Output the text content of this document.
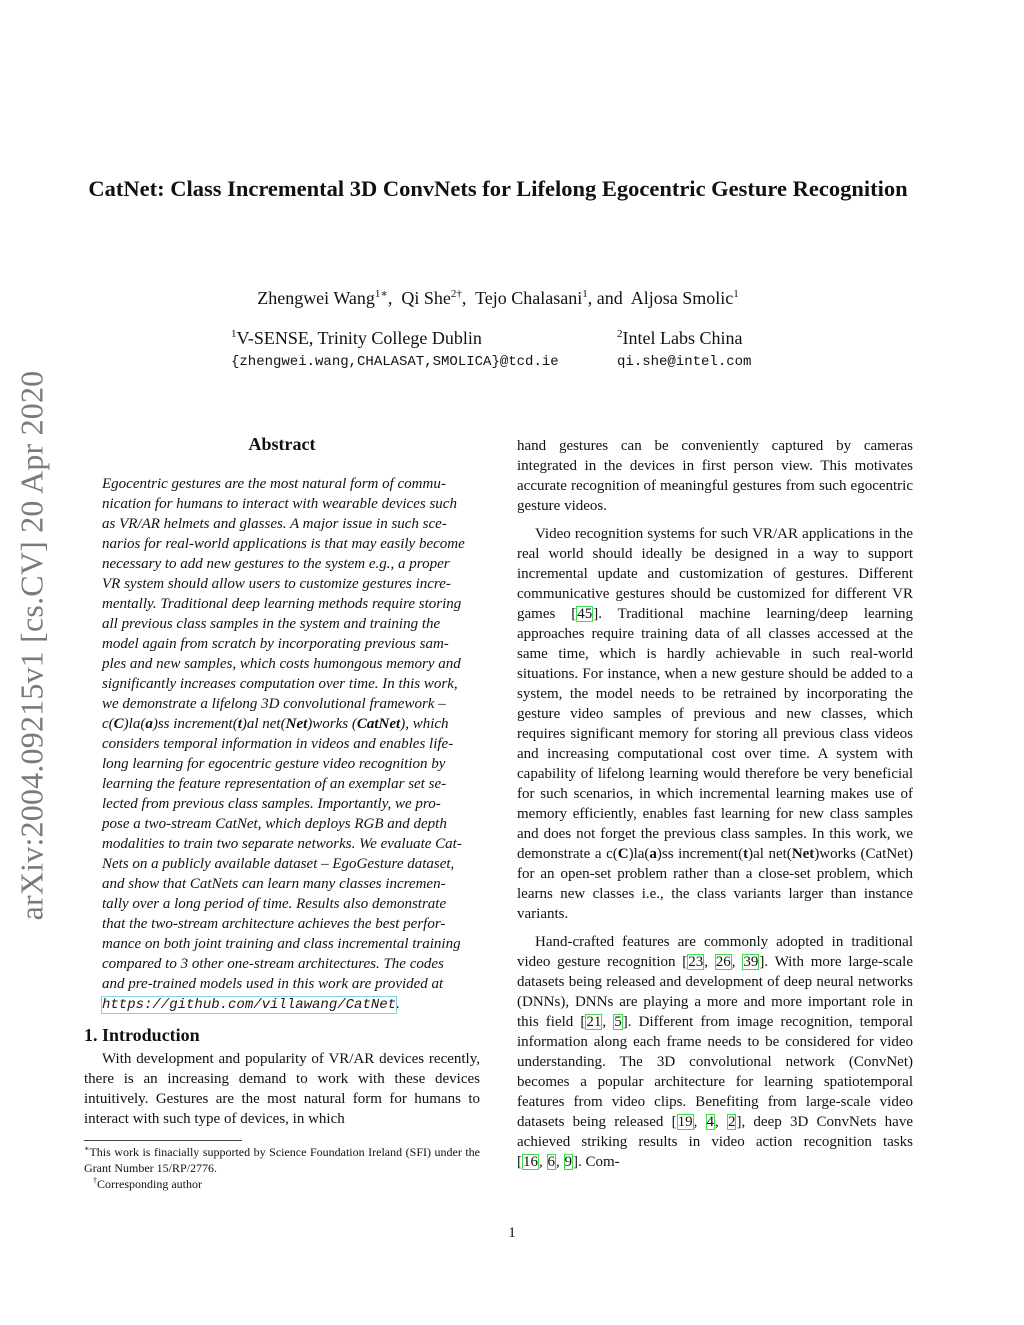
arXiv:2004.09215v1 [cs.CV] 20 Apr 2020
CatNet: Class Incremental 3D ConvNets for Lifelong Egocentric Gesture Recognition

Zhengwei Wang$^{1∗}$,  Qi She$^{2\dagger}$,  Tejo Chalasani$^1$, and Aljosa Smolic$^1$

$^1$V-SENSE, Trinity College Dublin
{zhengwei.wang,CHALASAT,SMOLICA}@tcd.ie
$^2$Intel Labs China
qi.she@intel.com
Abstract
Egocentric gestures are the most natural form of commu-
nication for humans to interact with wearable devices such
as VR/AR helmets and glasses. A major issue in such sce-
narios for real-world applications is that may easily become
necessary to add new gestures to the system e.g., a proper
VR system should allow users to customize gestures incre-
mentally. Traditional deep learning methods require storing
all previous class samples in the system and training the
model again from scratch by incorporating previous sam-
ples and new samples, which costs humongous memory and
significantly increases computation over time. In this work,
we demonstrate a lifelong 3D convolutional framework –
c(C)la(a)ss increment(t)al net(Net)works (CatNet), which
considers temporal information in videos and enables life-
long learning for egocentric gesture video recognition by
learning the feature representation of an exemplar set se-
lected from previous class samples. Importantly, we pro-
pose a two-stream CatNet, which deploys RGB and depth
modalities to train two separate networks. We evaluate Cat-
Nets on a publicly available dataset – EgoGesture dataset,
and show that CatNets can learn many classes incremen-
tally over a long period of time. Results also demonstrate
that the two-stream architecture achieves the best perfor-
mance on both joint training and class incremental training
compared to 3 other one-stream architectures. The codes
and pre-trained models used in this work are provided at
https://github.com/villawang/CatNet.
1. Introduction

With development and popularity of VR/AR devices recently, there is an increasing demand to work with these devices intuitively. Gestures are the most natural form for humans to interact with such type of devices, in which

hand gestures can be conveniently captured by cameras integrated in the devices in first person view. This motivates accurate recognition of meaningful gestures from such egocentric gesture videos.

Video recognition systems for such VR/AR applications in the real world should ideally be designed in a way to support incremental update and customization of gestures. Different communicative gestures should be customized for different VR games [45]. Traditional machine learning/deep learning approaches require training data of all classes accessed at the same time, which is hardly achievable in such real-world situations. For instance, when a new gesture should be added to a system, the model needs to be retrained by incorporating the gesture video samples of previous and new classes, which requires significant memory for storing all previous class videos and increasing computational cost over time. A system with capability of lifelong learning would therefore be very beneficial for such scenarios, in which incremental learning makes use of memory efficiently, enables fast learning for new class samples and does not forget the previous class samples. In this work, we demonstrate a c(C)la(a)ss increment(t)al net(Net)works (CatNet) for an open-set problem rather than a close-set problem, which learns new classes i.e., the class variants larger than instance variants.

Hand-crafted features are commonly adopted in traditional video gesture recognition [23, 26, 39]. With more large-scale datasets being released and development of deep neural networks (DNNs), DNNs are playing a more and more important role in this field [21, 5]. Different from image recognition, temporal information along each frame needs to be considered for video understanding. The 3D convolutional network (ConvNet) becomes a popular architecture for learning spatiotemporal features from video clips. Benefiting from large-scale video datasets being released [19, 4, 2], deep 3D ConvNets have achieved striking results in video action recognition tasks [16, 6, 9]. Com-

∗This work is finacially supported by Science Foundation Ireland (SFI) under the Grant Number 15/RP/2776.

†Corresponding author

1
